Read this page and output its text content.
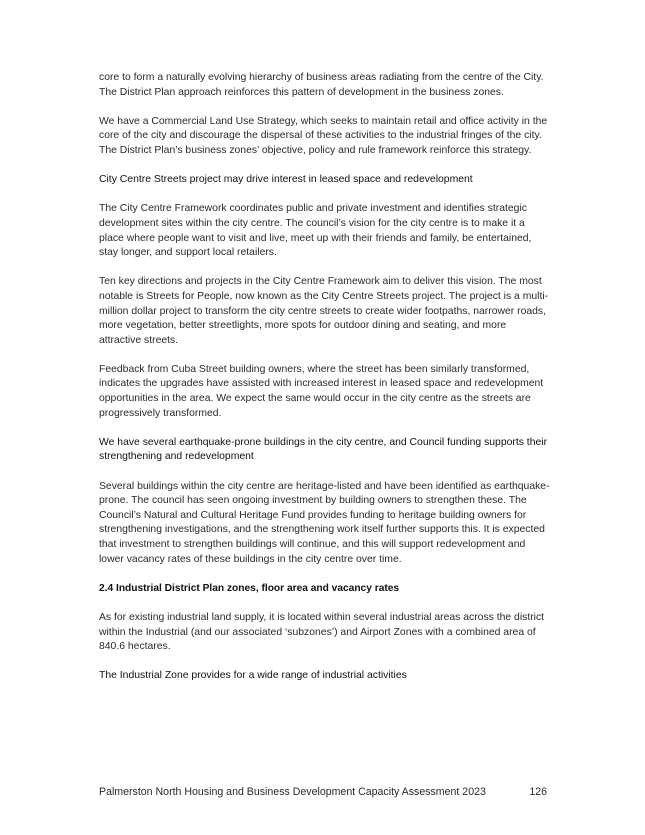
core to form a naturally evolving hierarchy of business areas radiating from the centre of the City. The District Plan approach reinforces this pattern of development in the business zones.

We have a Commercial Land Use Strategy, which seeks to maintain retail and office activity in the core of the city and discourage the dispersal of these activities to the industrial fringes of the city. The District Plan’s business zones’ objective, policy and rule framework reinforce this strategy.

City Centre Streets project may drive interest in leased space and redevelopment

The City Centre Framework coordinates public and private investment and identifies strategic development sites within the city centre. The council’s vision for the city centre is to make it a place where people want to visit and live, meet up with their friends and family, be entertained, stay longer, and support local retailers.

Ten key directions and projects in the City Centre Framework aim to deliver this vision. The most notable is Streets for People, now known as the City Centre Streets project. The project is a multi-million dollar project to transform the city centre streets to create wider footpaths, narrower roads, more vegetation, better streetlights, more spots for outdoor dining and seating, and more attractive streets.

Feedback from Cuba Street building owners, where the street has been similarly transformed, indicates the upgrades have assisted with increased interest in leased space and redevelopment opportunities in the area. We expect the same would occur in the city centre as the streets are progressively transformed.

We have several earthquake-prone buildings in the city centre, and Council funding supports their strengthening and redevelopment

Several buildings within the city centre are heritage-listed and have been identified as earthquake-prone. The council has seen ongoing investment by building owners to strengthen these. The Council’s Natural and Cultural Heritage Fund provides funding to heritage building owners for strengthening investigations, and the strengthening work itself further supports this. It is expected that investment to strengthen buildings will continue, and this will support redevelopment and lower vacancy rates of these buildings in the city centre over time.

2.4 Industrial District Plan zones, floor area and vacancy rates

As for existing industrial land supply, it is located within several industrial areas across the district within the Industrial (and our associated ‘subzones’) and Airport Zones with a combined area of 840.6 hectares.

The Industrial Zone provides for a wide range of industrial activities
Palmerston North Housing and Business Development Capacity Assessment 2023	126
